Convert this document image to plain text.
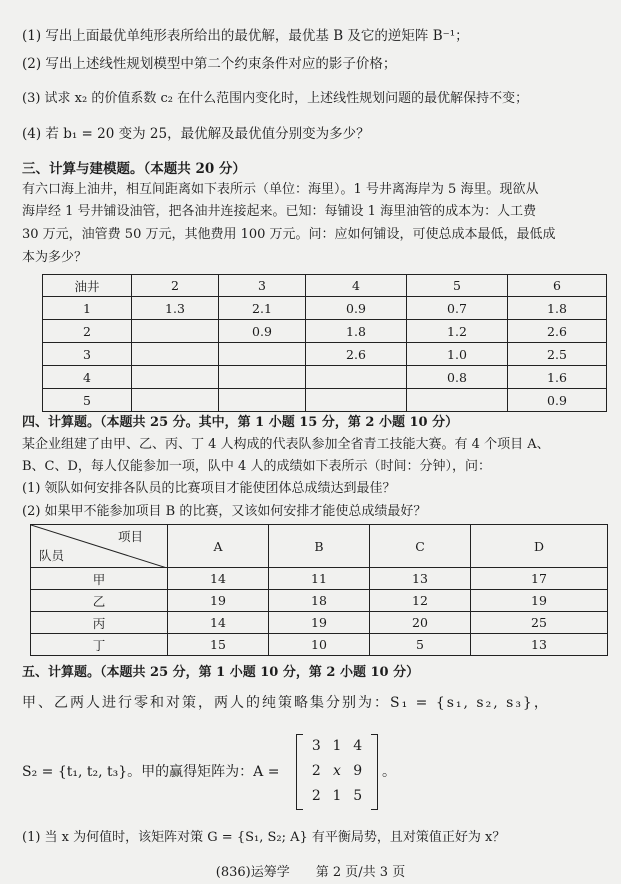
(1) 写出上面最优单纯形表所给出的最优解，最优基 B 及它的逆矩阵 B⁻¹；
(2) 写出上述线性规划模型中第二个约束条件对应的影子价格；
(3) 试求 x₂ 的价值系数 c₂ 在什么范围内变化时，上述线性规划问题的最优解保持不变；
(4) 若 b₁ = 20 变为 25，最优解及最优值分别变为多少？
三、计算与建模题。（本题共 20 分）
有六口海上油井，相互间距离如下表所示（单位：海里）。1 号井离海岸为 5 海里。现欲从
海岸经 1 号井铺设油管，把各油井连接起来。已知：每铺设 1 海里油管的成本为：人工费
30 万元，油管费 50 万元，其他费用 100 万元。问：应如何铺设，可使总成本最低，最低成
本为多少？
油井	2	3	4	5	6
1	1.3	2.1	0.9	0.7	1.8
2		0.9	1.8	1.2	2.6
3			2.6	1.0	2.5
4				0.8	1.6
5					0.9
四、计算题。（本题共 25 分。其中，第 1 小题 15 分，第 2 小题 10 分）
某企业组建了由甲、乙、丙、丁 4 人构成的代表队参加全省青工技能大赛。有 4 个项目 A、
B、C、D，每人仅能参加一项，队中 4 人的成绩如下表所示（时间：分钟），问：
(1) 领队如何安排各队员的比赛项目才能使团体总成绩达到最佳？
(2) 如果甲不能参加项目 B 的比赛，又该如何安排才能使总成绩最好？
项目
队员	A	B	C	D
甲	14	11	13	17
乙	19	18	12	19
丙	14	19	20	25
丁	15	10	5	13
五、计算题。（本题共 25 分，第 1 小题 10 分，第 2 小题 10 分）
甲、乙两人进行零和对策，两人的纯策略集分别为：S₁ = {s₁, s₂, s₃}，
S₂ = {t₁, t₂, t₃}。甲的赢得矩阵为：A =
3 1 4
2 x 9
2 1 5
。
(1) 当 x 为何值时，该矩阵对策 G = {S₁, S₂; A} 有平衡局势，且对策值正好为 x？
(836)运筹学　　第 2 页/共 3 页
